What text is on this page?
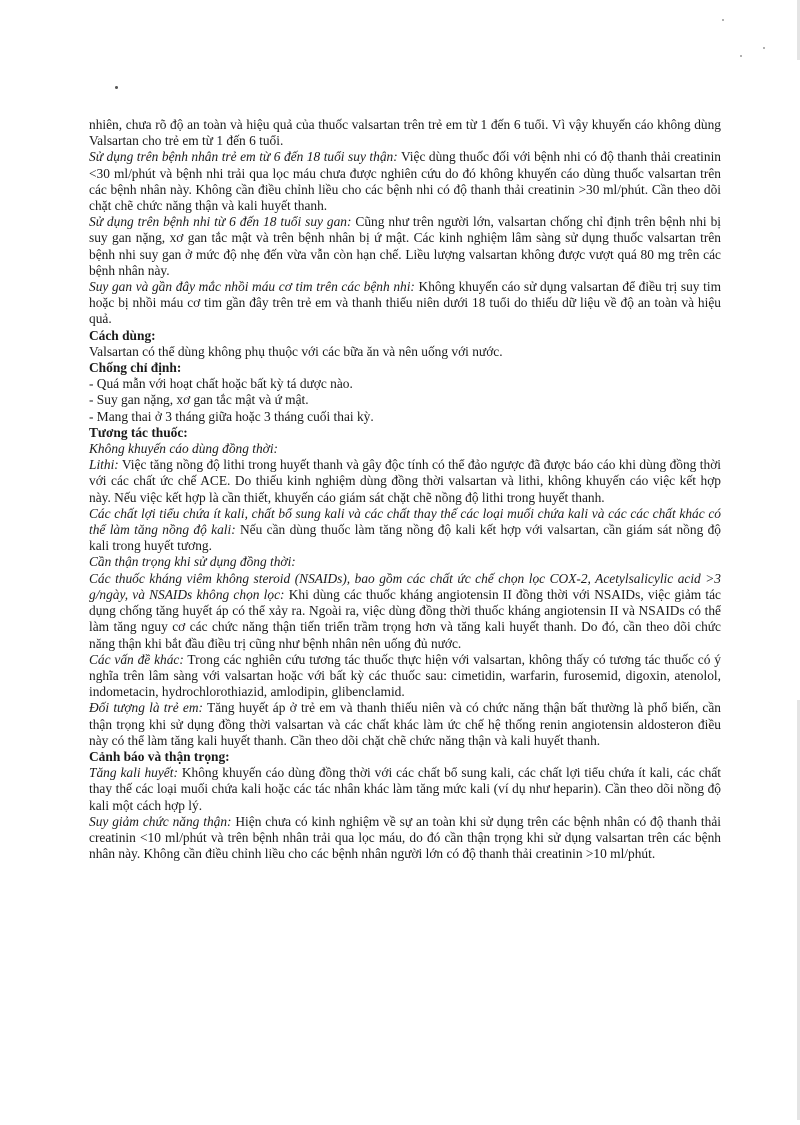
nhiên, chưa rõ độ an toàn và hiệu quả của thuốc valsartan trên trẻ em từ 1 đến 6 tuổi. Vì vậy khuyến cáo không dùng Valsartan cho trẻ em từ 1 đến 6 tuổi.

Sử dụng trên bệnh nhân trẻ em từ 6 đến 18 tuổi suy thận: Việc dùng thuốc đối với bệnh nhi có độ thanh thải creatinin <30 ml/phút và bệnh nhi trải qua lọc máu chưa được nghiên cứu do đó không khuyến cáo dùng thuốc valsartan trên các bệnh nhân này. Không cần điều chỉnh liều cho các bệnh nhi có độ thanh thải creatinin >30 ml/phút. Cần theo dõi chặt chẽ chức năng thận và kali huyết thanh.

Sử dụng trên bệnh nhi từ 6 đến 18 tuổi suy gan: Cũng như trên người lớn, valsartan chống chỉ định trên bệnh nhi bị suy gan nặng, xơ gan tắc mật và trên bệnh nhân bị ứ mật. Các kinh nghiệm lâm sàng sử dụng thuốc valsartan trên bệnh nhi suy gan ở mức độ nhẹ đến vừa vẫn còn hạn chế. Liều lượng valsartan không được vượt quá 80 mg trên các bệnh nhân này.

Suy gan và gần đây mắc nhồi máu cơ tim trên các bệnh nhi: Không khuyến cáo sử dụng valsartan để điều trị suy tim hoặc bị nhồi máu cơ tim gần đây trên trẻ em và thanh thiếu niên dưới 18 tuổi do thiếu dữ liệu về độ an toàn và hiệu quả.

Cách dùng:

Valsartan có thể dùng không phụ thuộc với các bữa ăn và nên uống với nước.

Chống chỉ định:

- Quá mẫn với hoạt chất hoặc bất kỳ tá dược nào.

- Suy gan nặng, xơ gan tắc mật và ứ mật.

- Mang thai ở 3 tháng giữa hoặc 3 tháng cuối thai kỳ.

Tương tác thuốc:

Không khuyến cáo dùng đồng thời:

Lithi: Việc tăng nồng độ lithi trong huyết thanh và gây độc tính có thể đảo ngược đã được báo cáo khi dùng đồng thời với các chất ức chế ACE. Do thiếu kinh nghiệm dùng đồng thời valsartan và lithi, không khuyến cáo việc kết hợp này. Nếu việc kết hợp là cần thiết, khuyến cáo giám sát chặt chẽ nồng độ lithi trong huyết thanh.

Các chất lợi tiểu chứa ít kali, chất bổ sung kali và các chất thay thế các loại muối chứa kali và các các chất khác có thể làm tăng nồng độ kali: Nếu cần dùng thuốc làm tăng nồng độ kali kết hợp với valsartan, cần giám sát nồng độ kali trong huyết tương.

Cần thận trọng khi sử dụng đồng thời:

Các thuốc kháng viêm không steroid (NSAIDs), bao gồm các chất ức chế chọn lọc COX-2, Acetylsalicylic acid >3 g/ngày, và NSAIDs không chọn lọc: Khi dùng các thuốc kháng angiotensin II đồng thời với NSAIDs, việc giảm tác dụng chống tăng huyết áp có thể xảy ra. Ngoài ra, việc dùng đồng thời thuốc kháng angiotensin II và NSAIDs có thể làm tăng nguy cơ các chức năng thận tiến triển trầm trọng hơn và tăng kali huyết thanh. Do đó, cần theo dõi chức năng thận khi bắt đầu điều trị cũng như bệnh nhân nên uống đủ nước.

Các vấn đề khác: Trong các nghiên cứu tương tác thuốc thực hiện với valsartan, không thấy có tương tác thuốc có ý nghĩa trên lâm sàng với valsartan hoặc với bất kỳ các thuốc sau: cimetidin, warfarin, furosemid, digoxin, atenolol, indometacin, hydrochlorothiazid, amlodipin, glibenclamid.

Đối tượng là trẻ em: Tăng huyết áp ở trẻ em và thanh thiếu niên và có chức năng thận bất thường là phổ biến, cần thận trọng khi sử dụng đồng thời valsartan và các chất khác làm ức chế hệ thống renin angiotensin aldosteron điều này có thể làm tăng kali huyết thanh. Cần theo dõi chặt chẽ chức năng thận và kali huyết thanh.

Cảnh báo và thận trọng:

Tăng kali huyết: Không khuyến cáo dùng đồng thời với các chất bổ sung kali, các chất lợi tiểu chứa ít kali, các chất thay thế các loại muối chứa kali hoặc các tác nhân khác làm tăng mức kali (ví dụ như heparin). Cần theo dõi nồng độ kali một cách hợp lý.

Suy giảm chức năng thận: Hiện chưa có kinh nghiệm về sự an toàn khi sử dụng trên các bệnh nhân có độ thanh thải creatinin <10 ml/phút và trên bệnh nhân trải qua lọc máu, do đó cần thận trọng khi sử dụng valsartan trên các bệnh nhân này. Không cần điều chỉnh liều cho các bệnh nhân người lớn có độ thanh thải creatinin >10 ml/phút.
